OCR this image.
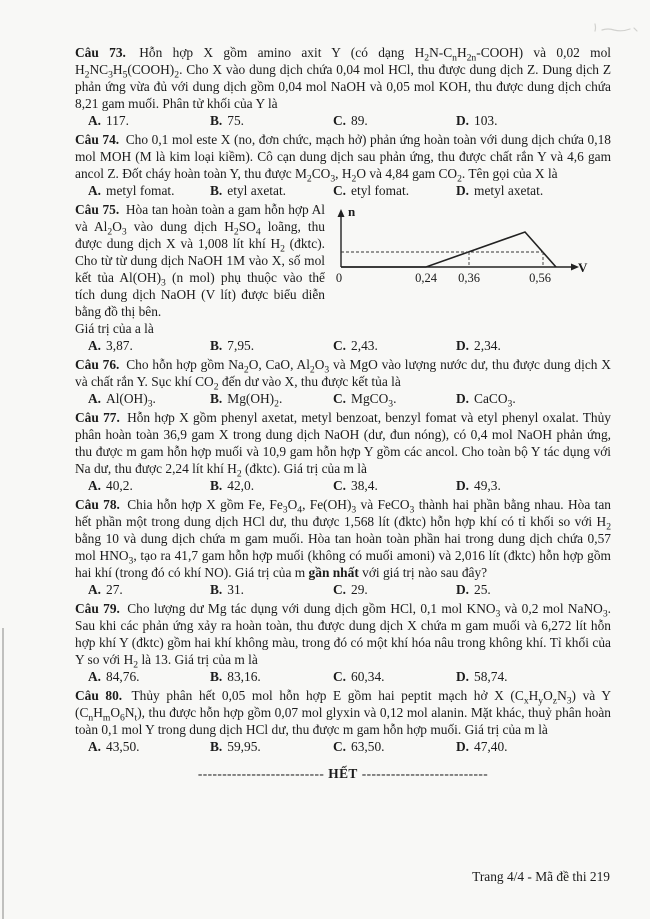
Câu 73. Hỗn hợp X gồm amino axit Y (có dạng $H_2N-C_nH_{2n}-COOH$) và 0,02 mol $H_2NC_3H_5(COOH)_2$. Cho X vào dung dịch chứa 0,04 mol HCl, thu được dung dịch Z. Dung dịch Z phản ứng vừa đủ với dung dịch gồm 0,04 mol NaOH và 0,05 mol KOH, thu được dung dịch chứa 8,21 gam muối. Phân tử khối của Y là

A. 117.	B. 75.	C. 89.	D. 103.

Câu 74. Cho 0,1 mol este X (no, đơn chức, mạch hở) phản ứng hoàn toàn với dung dịch chứa 0,18 mol MOH (M là kim loại kiềm). Cô cạn dung dịch sau phản ứng, thu được chất rắn Y và 4,6 gam ancol Z. Đốt cháy hoàn toàn Y, thu được $M_2CO_3$, $H_2O$ và 4,84 gam $CO_2$. Tên gọi của X là

A. metyl fomat.	B. etyl axetat.	C. etyl fomat.	D. metyl axetat.
n
V
0	0,24 0,36	0,56

Câu 75. Hòa tan hoàn toàn a gam hỗn hợp Al và $Al_2O_3$ vào dung dịch $H_2SO_4$ loãng, thu được dung dịch X và 1,008 lít khí $H_2$ (đktc). Cho từ từ dung dịch NaOH 1M vào X, số mol kết tủa $Al(OH)_3$ (n mol) phụ thuộc vào thể tích dung dịch NaOH (V lít) được biểu diễn bằng đồ thị bên.

Giá trị của a là

A. 3,87.	B. 7,95.	C. 2,43.	D. 2,34.

Câu 76. Cho hỗn hợp gồm $Na_2O$, CaO, $Al_2O_3$ và MgO vào lượng nước dư, thu được dung dịch X và chất rắn Y. Sục khí $CO_2$ đến dư vào X, thu được kết tủa là

A. $Al(OH)_3$.	B. $Mg(OH)_2$.	C. MgCO$_3$.	D. CaCO$_3$.

Câu 77. Hỗn hợp X gồm phenyl axetat, metyl benzoat, benzyl fomat và etyl phenyl oxalat. Thủy phân hoàn toàn 36,9 gam X trong dung dịch NaOH (dư, đun nóng), có 0,4 mol NaOH phản ứng, thu được m gam hỗn hợp muối và 10,9 gam hỗn hợp Y gồm các ancol. Cho toàn bộ Y tác dụng với Na dư, thu được 2,24 lít khí $H_2$ (đktc). Giá trị của m là

A. 40,2.	B. 42,0.	C. 38,4.	D. 49,3.

Câu 78. Chia hỗn hợp X gồm Fe, $Fe_3O_4$, $Fe(OH)_3$ và FeCO$_3$ thành hai phần bằng nhau. Hòa tan hết phần một trong dung dịch HCl dư, thu được 1,568 lít (đktc) hỗn hợp khí có tỉ khối so với $H_2$ bằng 10 và dung dịch chứa m gam muối. Hòa tan hoàn toàn phần hai trong dung dịch chứa 0,57 mol $HNO_3$, tạo ra 41,7 gam hỗn hợp muối (không có muối amoni) và 2,016 lít (đktc) hỗn hợp gồm hai khí (trong đó có khí NO). Giá trị của m gần nhất với giá trị nào sau đây?

A. 27.	B. 31.	C. 29.	D. 25.

Câu 79. Cho lượng dư Mg tác dụng với dung dịch gồm HCl, 0,1 mol $KNO_3$ và 0,2 mol NaNO$_3$. Sau khi các phản ứng xảy ra hoàn toàn, thu được dung dịch X chứa m gam muối và 6,272 lít hỗn hợp khí Y (đktc) gồm hai khí không màu, trong đó có một khí hóa nâu trong không khí. Tỉ khối của Y so với $H_2$ là 13. Giá trị của m là

A. 84,76.	B. 83,16.	C. 60,34.	D. 58,74.

Câu 80. Thủy phân hết 0,05 mol hỗn hợp E gồm hai peptit mạch hở X $(C_xH_yO_zN_3)$ và Y $(C_nH_mO_6N_t)$, thu được hỗn hợp gồm 0,07 mol glyxin và 0,12 mol alanin. Mặt khác, thuỷ phân hoàn toàn 0,1 mol Y trong dung dịch HCl dư, thu được m gam hỗn hợp muối. Giá trị của m là

A. 43,50.	B. 59,95.	C. 63,50.	D. 47,40.

-------------------------- HẾT --------------------------

Trang 4/4 - Mã đề thi 219
